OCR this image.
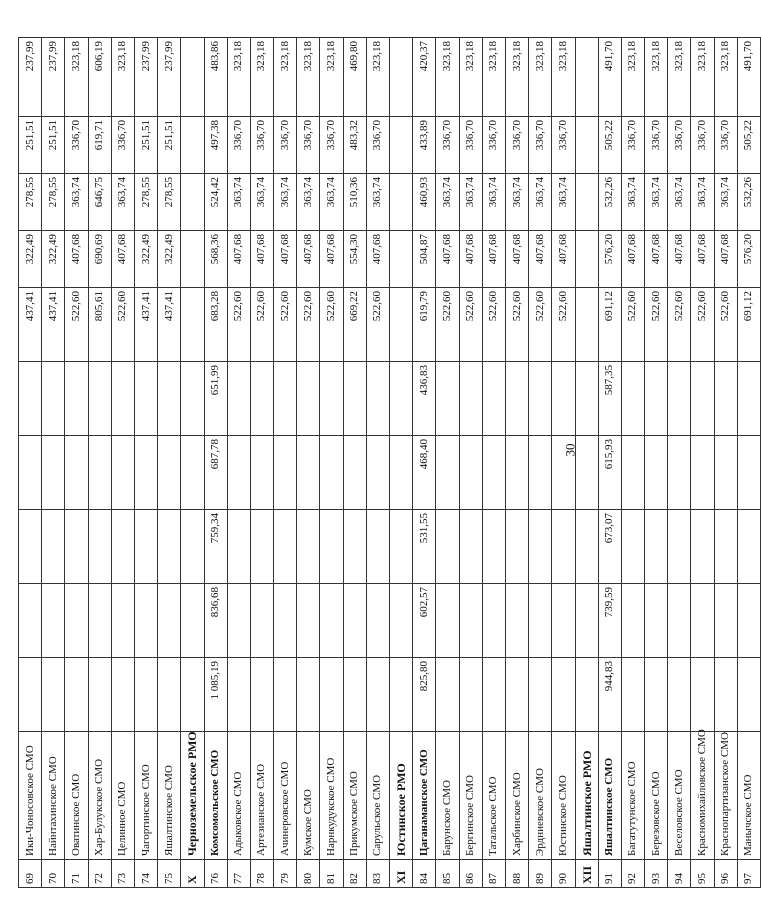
69	Ики-Чоносовское СМО						437,41	322,49	278,55	251,51	237,99
70	Найнтахинское СМО						437,41	322,49	278,55	251,51	237,99
71	Оватинское СМО						522,60	407,68	363,74	336,70	323,18
72	Хар-Булукское СМО						805,61	690,69	646,75	619,71	606,19
73	Целинное СМО						522,60	407,68	363,74	336,70	323,18
74	Чагортинское СМО						437,41	322,49	278,55	251,51	237,99
75	Яшалтинское СМО						437,41	322,49	278,55	251,51	237,99
X	Черноземельское РМО										
76	Комсомольское СМО	1 085,19	836,68	759,34	687,78	651,99	683,28	568,36	524,42	497,38	483,86
77	Адыковское СМО						522,60	407,68	363,74	336,70	323,18
78	Артезианское СМО						522,60	407,68	363,74	336,70	323,18
79	Ачинеровское СМО						522,60	407,68	363,74	336,70	323,18
80	Кумское СМО						522,60	407,68	363,74	336,70	323,18
81	Нарнкудукское СМО						522,60	407,68	363,74	336,70	323,18
82	Прикумское СМО						669,22	554,30	510,36	483,32	469,80
83	Сарульское СМО						522,60	407,68	363,74	336,70	323,18
XI	Юстинское РМО										
84	Цаганаманское СМО	825,80	602,57	531,55	468,40	436,83	619,79	504,87	460,93	433,89	420,37
85	Барунское СМО						522,60	407,68	363,74	336,70	323,18
86	Бергинское СМО						522,60	407,68	363,74	336,70	323,18
87	Татальское СМО						522,60	407,68	363,74	336,70	323,18
88	Харбинское СМО						522,60	407,68	363,74	336,70	323,18
89	Эрдниевское СМО						522,60	407,68	363,74	336,70	323,18
90	Юстинское СМО						522,60	407,68	363,74	336,70	323,18
XII	Яшалтинское РМО										
91	Яшалтинское СМО	944,83	739,59	673,07	615,93	587,35	691,12	576,20	532,26	505,22	491,70
92	Багатутунское СМО						522,60	407,68	363,74	336,70	323,18
93	Березовское СМО						522,60	407,68	363,74	336,70	323,18
94	Веселовское СМО						522,60	407,68	363,74	336,70	323,18
95	Красномихайловское СМО						522,60	407,68	363,74	336,70	323,18
96	Краснопартизанское СМО						522,60	407,68	363,74	336,70	323,18
97	Манычское СМО						691,12	576,20	532,26	505,22	491,70
30
